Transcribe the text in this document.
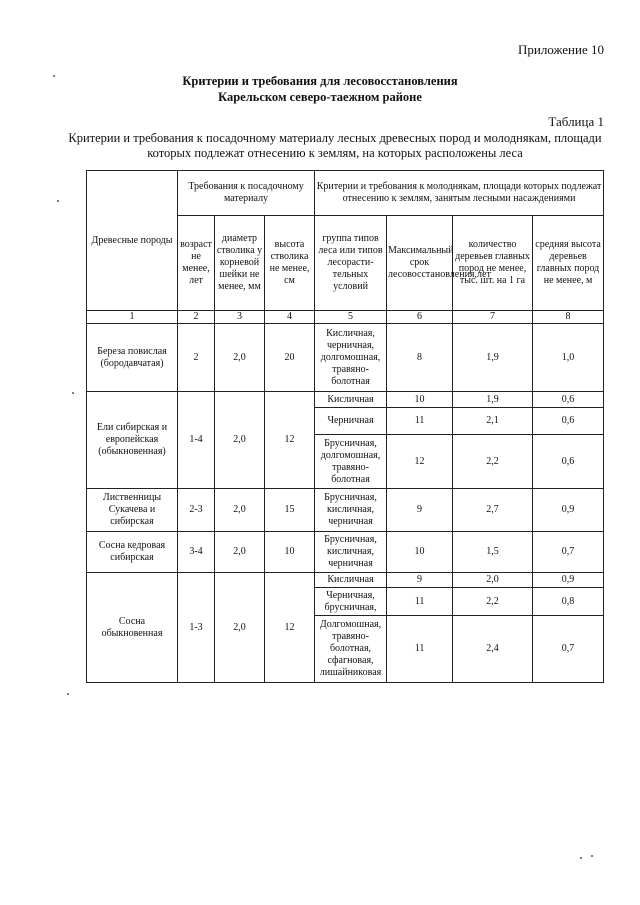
Приложение 10
Критерии и требования для лесовосстановления
Карельском северо-таежном районе
Таблица 1
Критерии и требования к посадочному материалу лесных древесных пород и молоднякам, площади которых подлежат отнесению к землям, на которых расположены леса
Древесные породы	Требования к посадочному материалу			Критерии и требования к молоднякам, площади которых подлежат отнесению к землям, занятым лесными насаждениями			
	возраст не менее, лет	диаметр стволика у корневой шейки не менее, мм	высота стволика не менее, см	группа типов леса или типов лесорасти-тельных условий	Максимальный срок лесовосстановления,лет	количество деревьев главных пород не менее, тыс. шт. на 1 га	средняя высота деревьев главных пород не менее, м
1	2	3	4	5	6	7	8
Береза повислая (бородавчатая)	2	2,0	20	Кисличная, черничная, долгомошная, травяно-болотная	8	1,9	1,0
Ели сибирская и европейская (обыкновенная)	1-4	2,0	12	Кисличная	10	1,9	0,6
				Черничная	11	2,1	0,6
				Брусничная, долгомошная, травяно-болотная	12	2,2	0,6
Лиственницы Сукачева и сибирская	2-3	2,0	15	Брусничная, кисличная, черничная	9	2,7	0,9
Сосна кедровая сибирская	3-4	2,0	10	Брусничная, кисличная, черничная	10	1,5	0,7
Сосна обыкновенная	1-3	2,0	12	Кисличная	9	2,0	0,9
				Черничная, брусничная,	11	2,2	0,8
				Долгомошная, травяно-болотная, сфагновая, лишайниковая	11	2,4	0,7
